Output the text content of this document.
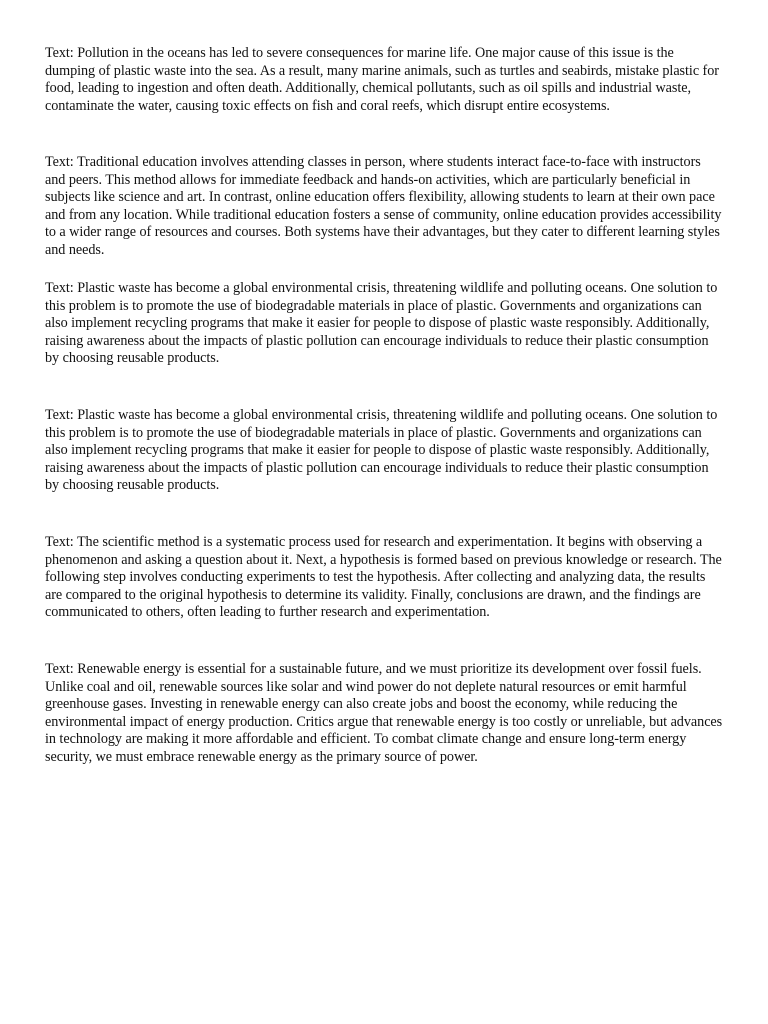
Text: Pollution in the oceans has led to severe consequences for marine life. One major cause of this issue is the dumping of plastic waste into the sea. As a result, many marine animals, such as turtles and seabirds, mistake plastic for food, leading to ingestion and often death. Additionally, chemical pollutants, such as oil spills and industrial waste, contaminate the water, causing toxic effects on fish and coral reefs, which disrupt entire ecosystems.

Text: Traditional education involves attending classes in person, where students interact face-to-face with instructors and peers. This method allows for immediate feedback and hands-on activities, which are particularly beneficial in subjects like science and art. In contrast, online education offers flexibility, allowing students to learn at their own pace and from any location. While traditional education fosters a sense of community, online education provides accessibility to a wider range of resources and courses. Both systems have their advantages, but they cater to different learning styles and needs.

Text: Plastic waste has become a global environmental crisis, threatening wildlife and polluting oceans. One solution to this problem is to promote the use of biodegradable materials in place of plastic. Governments and organizations can also implement recycling programs that make it easier for people to dispose of plastic waste responsibly. Additionally, raising awareness about the impacts of plastic pollution can encourage individuals to reduce their plastic consumption by choosing reusable products.

Text: Plastic waste has become a global environmental crisis, threatening wildlife and polluting oceans. One solution to this problem is to promote the use of biodegradable materials in place of plastic. Governments and organizations can also implement recycling programs that make it easier for people to dispose of plastic waste responsibly. Additionally, raising awareness about the impacts of plastic pollution can encourage individuals to reduce their plastic consumption by choosing reusable products.

Text: The scientific method is a systematic process used for research and experimentation. It begins with observing a phenomenon and asking a question about it. Next, a hypothesis is formed based on previous knowledge or research. The following step involves conducting experiments to test the hypothesis. After collecting and analyzing data, the results are compared to the original hypothesis to determine its validity. Finally, conclusions are drawn, and the findings are communicated to others, often leading to further research and experimentation.

Text: Renewable energy is essential for a sustainable future, and we must prioritize its development over fossil fuels. Unlike coal and oil, renewable sources like solar and wind power do not deplete natural resources or emit harmful greenhouse gases. Investing in renewable energy can also create jobs and boost the economy, while reducing the environmental impact of energy production. Critics argue that renewable energy is too costly or unreliable, but advances in technology are making it more affordable and efficient. To combat climate change and ensure long-term energy security, we must embrace renewable energy as the primary source of power.
